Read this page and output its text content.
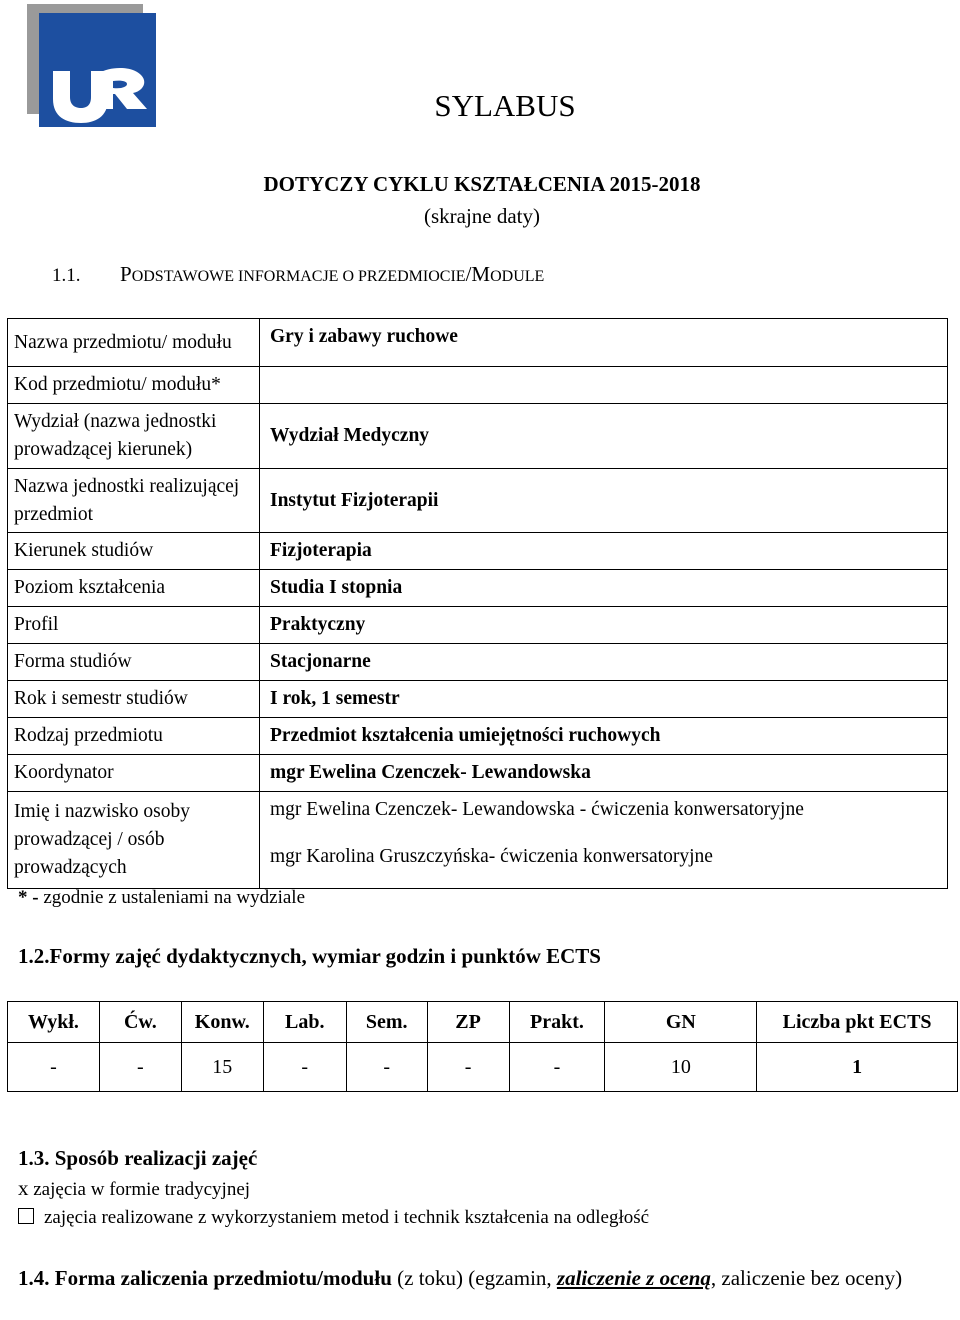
SYLABUS
DOTYCZY CYKLU KSZTAŁCENIA 2015-2018
(skrajne daty)
1.1. PODSTAWOWE INFORMACJE O PRZEDMIOCIE/MODULE
Nazwa przedmiotu/ modułu	Gry i zabawy ruchowe
Kod przedmiotu/ modułu*	
Wydział (nazwa jednostki prowadzącej kierunek)	Wydział Medyczny
Nazwa jednostki realizującej przedmiot	Instytut Fizjoterapii
Kierunek studiów	Fizjoterapia
Poziom kształcenia	Studia I stopnia
Profil	Praktyczny
Forma studiów	Stacjonarne
Rok i semestr studiów	I rok, 1 semestr
Rodzaj przedmiotu	Przedmiot kształcenia umiejętności ruchowych
Koordynator	mgr Ewelina Czenczek- Lewandowska
Imię i nazwisko osoby prowadzącej / osób prowadzących	mgr Ewelina Czenczek- Lewandowska - ćwiczenia konwersatoryjne
mgr Karolina Gruszczyńska- ćwiczenia konwersatoryjne
* - zgodnie z ustaleniami na wydziale
1.2.Formy zajęć dydaktycznych, wymiar godzin i punktów ECTS
Wykł.	Ćw.	Konw.	Lab.	Sem.	ZP	Prakt.	GN	Liczba pkt ECTS
-	-	15	-	-	-	-	10	1
1.3. Sposób realizacji zajęć
x zajęcia w formie tradycyjnej
zajęcia realizowane z wykorzystaniem metod i technik kształcenia na odległość
1.4. Forma zaliczenia przedmiotu/modułu (z toku) (egzamin, zaliczenie z oceną, zaliczenie bez oceny)
